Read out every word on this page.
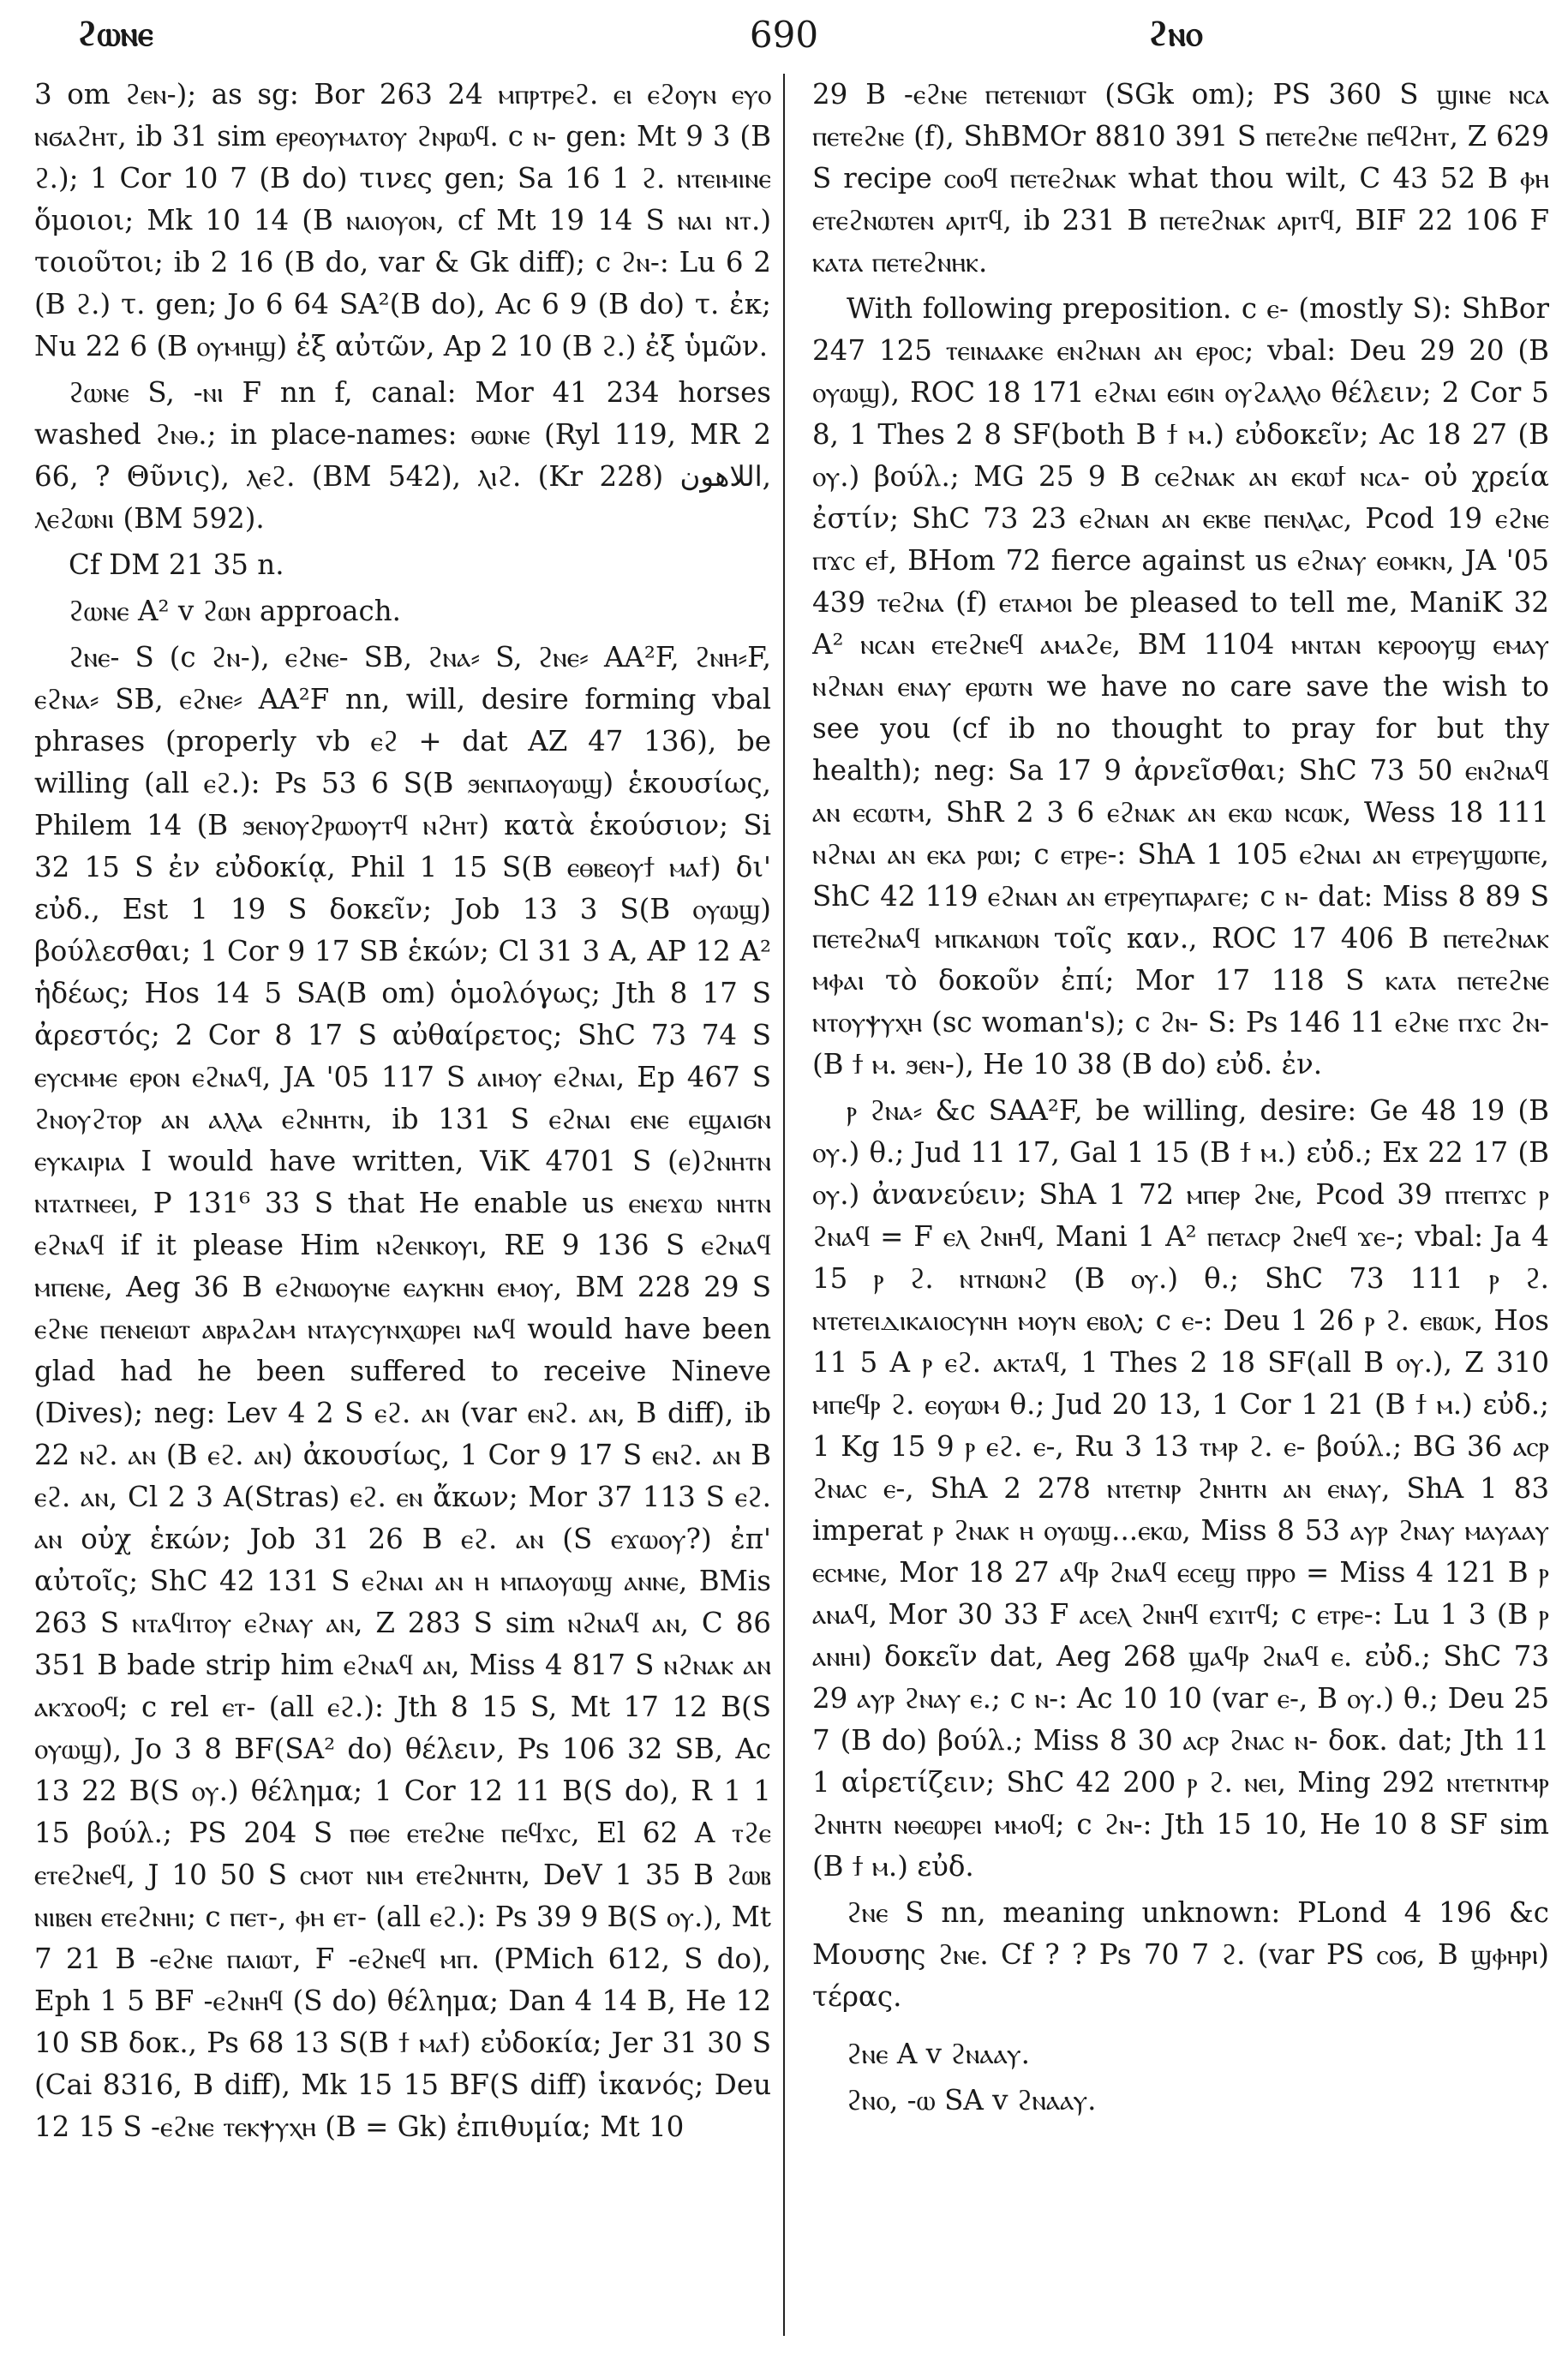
ϩⲱⲛⲉ	690	ϩⲛⲟ

3 om ϩⲉⲛ-); as sg: Bor 263 24 ⲙⲡⲣⲧⲣⲉϩ. ⲉⲓ ⲉϩⲟⲩⲛ ⲉⲩⲟ ⲛϭⲁϩⲏⲧ, ib 31 sim ⲉⲣⲉⲟⲩⲙⲁⲧⲟⲩ ϩⲛⲣⲱϥ. c ⲛ- gen: Mt 9 3 (B ϩ.); 1 Cor 10 7 (B do) τινες gen; Sa 16 1 ϩ. ⲛⲧⲉⲓⲙⲓⲛⲉ ὅμοιοι; Mk 10 14 (B ⲛⲁⲓⲟⲩⲟⲛ, cf Mt 19 14 S ⲛⲁⲓ ⲛⲧ.) τοιοῦτοι; ib 2 16 (B do, var & Gk diff); c ϩⲛ-: Lu 6 2 (B ϩ.) τ. gen; Jo 6 64 SA²(B do), Ac 6 9 (B do) τ. ἐκ; Nu 22 6 (B ⲟⲩⲙⲏϣ) ἐξ αὐτῶν, Ap 2 10 (B ϩ.) ἐξ ὑμῶν.

ϩⲱⲛⲉ S, -ⲛⲓ F nn f, canal: Mor 41 234 horses washed ϩⲛⲑ.; in place-names: ⲑⲱⲛⲉ (Ryl 119, MR 2 66, ? Θῦνις), ⲗⲉϩ. (BM 542), ⲗⲓϩ. (Kr 228) اللاهون, ⲗⲉϩⲱⲛⲓ (BM 592).

Cf DM 21 35 n.

ϩⲱⲛⲉ A² v ϩⲱⲛ approach.

ϩⲛⲉ- S (c ϩⲛ-), ⲉϩⲛⲉ- SB, ϩⲛⲁ⸗ S, ϩⲛⲉ⸗ AA²F, ϩⲛⲏ⸗F, ⲉϩⲛⲁ⸗ SB, ⲉϩⲛⲉ⸗ AA²F nn, will, desire forming vbal phrases (properly vb ⲉϩ + dat AZ 47 136), be willing (all ⲉϩ.): Ps 53 6 S(B ϧⲉⲛⲡⲁⲟⲩⲱϣ) ἑκουσίως, Philem 14 (B ϧⲉⲛⲟⲩϩⲣⲱⲟⲩⲧϥ ⲛϩⲏⲧ) κατὰ ἑκούσιον; Si 32 15 S ἐν εὐδοκίᾳ, Phil 1 15 S(B ⲉⲑⲃⲉⲟⲩϯ ⲙⲁϯ) δι' εὐδ., Est 1 19 S δοκεῖν; Job 13 3 S(B ⲟⲩⲱϣ) βούλεσθαι; 1 Cor 9 17 SB ἑκών; Cl 31 3 A, AP 12 A² ἡδέως; Hos 14 5 SA(B om) ὁμολόγως; Jth 8 17 S ἀρεστός; 2 Cor 8 17 S αὐθαίρετος; ShC 73 74 S ⲉⲩⲥⲙⲙⲉ ⲉⲣⲟⲛ ⲉϩⲛⲁϥ, JA '05 117 S ⲁⲓⲙⲟⲩ ⲉϩⲛⲁⲓ, Ep 467 S ϩⲛⲟⲩϩⲧⲟⲣ ⲁⲛ ⲁⲗⲗⲁ ⲉϩⲛⲏⲧⲛ, ib 131 S ⲉϩⲛⲁⲓ ⲉⲛⲉ ⲉϣⲁⲓϭⲛ ⲉⲩⲕⲁⲓⲣⲓⲁ I would have written, ViK 4701 S (ⲉ)ϩⲛⲏⲧⲛ ⲛⲧⲁⲧⲛⲉⲉⲓ, P 131⁶ 33 S that He enable us ⲉⲛⲉϫⲱ ⲛⲏⲧⲛ ⲉϩⲛⲁϥ if it please Him ⲛϩⲉⲛⲕⲟⲩⲓ, RE 9 136 S ⲉϩⲛⲁϥ ⲙⲡⲉⲛⲉ, Aeg 36 B ⲉϩⲛⲱⲟⲩⲛⲉ ⲉⲁⲩⲕⲏⲛ ⲉⲙⲟⲩ, BM 228 29 S ⲉϩⲛⲉ ⲡⲉⲛⲉⲓⲱⲧ ⲁⲃⲣⲁϩⲁⲙ ⲛⲧⲁⲩⲥⲩⲛⲭⲱⲣⲉⲓ ⲛⲁϥ would have been glad had he been suffered to receive Nineve (Dives); neg: Lev 4 2 S ⲉϩ. ⲁⲛ (var ⲉⲛϩ. ⲁⲛ, B diff), ib 22 ⲛϩ. ⲁⲛ (B ⲉϩ. ⲁⲛ) ἀκουσίως, 1 Cor 9 17 S ⲉⲛϩ. ⲁⲛ B ⲉϩ. ⲁⲛ, Cl 2 3 A(Stras) ⲉϩ. ⲉⲛ ἄκων; Mor 37 113 S ⲉϩ. ⲁⲛ οὐχ ἑκών; Job 31 26 B ⲉϩ. ⲁⲛ (S ⲉϫⲱⲟⲩ?) ἐπ' αὐτοῖς; ShC 42 131 S ⲉϩⲛⲁⲓ ⲁⲛ ⲏ ⲙⲡⲁⲟⲩⲱϣ ⲁⲛⲛⲉ, BMis 263 S ⲛⲧⲁϥⲓⲧⲟⲩ ⲉϩⲛⲁⲩ ⲁⲛ, Z 283 S sim ⲛϩⲛⲁϥ ⲁⲛ, C 86 351 B bade strip him ⲉϩⲛⲁϥ ⲁⲛ, Miss 4 817 S ⲛϩⲛⲁⲕ ⲁⲛ ⲁⲕϫⲟⲟϥ; c rel ⲉⲧ- (all ⲉϩ.): Jth 8 15 S, Mt 17 12 B(S ⲟⲩⲱϣ), Jo 3 8 BF(SA² do) θέλειν, Ps 106 32 SB, Ac 13 22 B(S ⲟⲩ.) θέλημα; 1 Cor 12 11 B(S do), R 1 1 15 βούλ.; PS 204 S ⲡⲑⲉ ⲉⲧⲉϩⲛⲉ ⲡⲉϥϫⲥ, El 62 A ⲧϩⲉ ⲉⲧⲉϩⲛⲉϥ, J 10 50 S ⲥⲙⲟⲧ ⲛⲓⲙ ⲉⲧⲉϩⲛⲏⲧⲛ, DeV 1 35 B ϩⲱⲃ ⲛⲓⲃⲉⲛ ⲉⲧⲉϩⲛⲏⲓ; c ⲡⲉⲧ-, ⲫⲏ ⲉⲧ- (all ⲉϩ.): Ps 39 9 B(S ⲟⲩ.), Mt 7 21 B -ⲉϩⲛⲉ ⲡⲁⲓⲱⲧ, F -ⲉϩⲛⲉϥ ⲙⲡ. (PMich 612, S do), Eph 1 5 BF -ⲉϩⲛⲏϥ (S do) θέλημα; Dan 4 14 B, He 12 10 SB δοκ., Ps 68 13 S(B ϯ ⲙⲁϯ) εὐδοκία; Jer 31 30 S (Cai 8316, B diff), Mk 15 15 BF(S diff) ἱκανός; Deu 12 15 S -ⲉϩⲛⲉ ⲧⲉⲕⲯⲩⲭⲏ (B = Gk) ἐπιθυμία; Mt 10

29 B -ⲉϩⲛⲉ ⲡⲉⲧⲉⲛⲓⲱⲧ (SGk om); PS 360 S ϣⲓⲛⲉ ⲛⲥⲁ ⲡⲉⲧⲉϩⲛⲉ (f), ShBMOr 8810 391 S ⲡⲉⲧⲉϩⲛⲉ ⲡⲉϥϩⲏⲧ, Z 629 S recipe ⲥⲟⲟϥ ⲡⲉⲧⲉϩⲛⲁⲕ what thou wilt, C 43 52 B ⲫⲏ ⲉⲧⲉϩⲛⲱⲧⲉⲛ ⲁⲣⲓⲧϥ, ib 231 B ⲡⲉⲧⲉϩⲛⲁⲕ ⲁⲣⲓⲧϥ, BIF 22 106 F ⲕⲁⲧⲁ ⲡⲉⲧⲉϩⲛⲏⲕ.

With following preposition. c ⲉ- (mostly S): ShBor 247 125 ⲧⲉⲓⲛⲁⲁⲕⲉ ⲉⲛϩⲛⲁⲛ ⲁⲛ ⲉⲣⲟⲥ; vbal: Deu 29 20 (B ⲟⲩⲱϣ), ROC 18 171 ⲉϩⲛⲁⲓ ⲉϭⲓⲛ ⲟⲩϩⲁⲗⲗⲟ θέλειν; 2 Cor 5 8, 1 Thes 2 8 SF(both B ϯ ⲙ.) εὐδοκεῖν; Ac 18 27 (B ⲟⲩ.) βούλ.; MG 25 9 B ⲥⲉϩⲛⲁⲕ ⲁⲛ ⲉⲕⲱϯ ⲛⲥⲁ- οὐ χρεία ἐστίν; ShC 73 23 ⲉϩⲛⲁⲛ ⲁⲛ ⲉⲕⲃⲉ ⲡⲉⲛⲗⲁⲥ, Pcod 19 ⲉϩⲛⲉ ⲡϫⲥ ⲉϯ, BHom 72 fierce against us ⲉϩⲛⲁⲩ ⲉⲟⲙⲕⲛ, JA '05 439 ⲧⲉϩⲛⲁ (f) ⲉⲧⲁⲙⲟⲓ be pleased to tell me, ManiK 32 A² ⲛⲥⲁⲛ ⲉⲧⲉϩⲛⲉϥ ⲁⲙⲁϩⲉ, BM 1104 ⲙⲛⲧⲁⲛ ⲕⲉⲣⲟⲟⲩϣ ⲉⲙⲁⲩ ⲛϩⲛⲁⲛ ⲉⲛⲁⲩ ⲉⲣⲱⲧⲛ we have no care save the wish to see you (cf ib no thought to pray for but thy health); neg: Sa 17 9 ἀρνεῖσθαι; ShC 73 50 ⲉⲛϩⲛⲁϥ ⲁⲛ ⲉⲥⲱⲧⲙ, ShR 2 3 6 ⲉϩⲛⲁⲕ ⲁⲛ ⲉⲕⲱ ⲛⲥⲱⲕ, Wess 18 111 ⲛϩⲛⲁⲓ ⲁⲛ ⲉⲕⲁ ⲣⲱⲓ; c ⲉⲧⲣⲉ-: ShA 1 105 ⲉϩⲛⲁⲓ ⲁⲛ ⲉⲧⲣⲉⲩϣⲱⲡⲉ, ShC 42 119 ⲉϩⲛⲁⲛ ⲁⲛ ⲉⲧⲣⲉⲩⲡⲁⲣⲁⲅⲉ; c ⲛ- dat: Miss 8 89 S ⲡⲉⲧⲉϩⲛⲁϥ ⲙⲡⲕⲁⲛⲱⲛ τοῖς καν., ROC 17 406 B ⲡⲉⲧⲉϩⲛⲁⲕ ⲙⲫⲁⲓ τὸ δοκοῦν ἐπί; Mor 17 118 S ⲕⲁⲧⲁ ⲡⲉⲧⲉϩⲛⲉ ⲛⲧⲟⲩⲯⲩⲭⲏ (sc woman's); c ϩⲛ- S: Ps 146 11 ⲉϩⲛⲉ ⲡϫⲥ ϩⲛ- (B ϯ ⲙ. ϧⲉⲛ-), He 10 38 (B do) εὐδ. ἐν.

ⲣ ϩⲛⲁ⸗ &c SAA²F, be willing, desire: Ge 48 19 (B ⲟⲩ.) θ.; Jud 11 17, Gal 1 15 (B ϯ ⲙ.) εὐδ.; Ex 22 17 (B ⲟⲩ.) ἀνανεύειν; ShA 1 72 ⲙⲡⲉⲣ ϩⲛⲉ, Pcod 39 ⲡⲧⲉⲡϫⲥ ⲣ ϩⲛⲁϥ = F ⲉⲗ ϩⲛⲏϥ, Mani 1 A² ⲡⲉⲧⲁⲥⲣ ϩⲛⲉϥ ϫⲉ-; vbal: Ja 4 15 ⲣ ϩ. ⲛⲧⲛⲱⲛϩ (B ⲟⲩ.) θ.; ShC 73 111 ⲣ ϩ. ⲛⲧⲉⲧⲉⲓⲇⲓⲕⲁⲓⲟⲥⲩⲛⲏ ⲙⲟⲩⲛ ⲉⲃⲟⲗ; c ⲉ-: Deu 1 26 ⲣ ϩ. ⲉⲃⲱⲕ, Hos 11 5 A ⲣ ⲉϩ. ⲁⲕⲧⲁϥ, 1 Thes 2 18 SF(all B ⲟⲩ.), Z 310 ⲙⲡⲉϥⲣ ϩ. ⲉⲟⲩⲱⲙ θ.; Jud 20 13, 1 Cor 1 21 (B ϯ ⲙ.) εὐδ.; 1 Kg 15 9 ⲣ ⲉϩ. ⲉ-, Ru 3 13 ⲧⲙⲣ ϩ. ⲉ- βούλ.; BG 36 ⲁⲥⲣ ϩⲛⲁⲥ ⲉ-, ShA 2 278 ⲛⲧⲉⲧⲛⲣ ϩⲛⲏⲧⲛ ⲁⲛ ⲉⲛⲁⲩ, ShA 1 83 imperat ⲣ ϩⲛⲁⲕ ⲏ ⲟⲩⲱϣ...ⲉⲕⲱ, Miss 8 53 ⲁⲩⲣ ϩⲛⲁⲩ ⲙⲁⲩⲁⲁⲩ ⲉⲥⲙⲛⲉ, Mor 18 27 ⲁϥⲣ ϩⲛⲁϥ ⲉⲥⲉϣ ⲡⲣⲣⲟ = Miss 4 121 B ⲣ ⲁⲛⲁϥ, Mor 30 33 F ⲁⲥⲉⲗ ϩⲛⲏϥ ⲉϫⲓⲧϥ; c ⲉⲧⲣⲉ-: Lu 1 3 (B ⲣ ⲁⲛⲏⲓ) δοκεῖν dat, Aeg 268 ϣⲁϥⲣ ϩⲛⲁϥ ⲉ. εὐδ.; ShC 73 29 ⲁⲩⲣ ϩⲛⲁⲩ ⲉ.; c ⲛ-: Ac 10 10 (var ⲉ-, B ⲟⲩ.) θ.; Deu 25 7 (B do) βούλ.; Miss 8 30 ⲁⲥⲣ ϩⲛⲁⲥ ⲛ- δοκ. dat; Jth 11 1 αἱρετίζειν; ShC 42 200 ⲣ ϩ. ⲛⲉⲓ, Ming 292 ⲛⲧⲉⲧⲛⲧⲙⲣ ϩⲛⲏⲧⲛ ⲛⲑⲉⲱⲣⲉⲓ ⲙⲙⲟϥ; c ϩⲛ-: Jth 15 10, He 10 8 SF sim (B ϯ ⲙ.) εὐδ.

ϩⲛⲉ S nn, meaning unknown: PLond 4 196 &c Μουσης ϩⲛⲉ. Cf ? ? Ps 70 7 ϩ. (var PS ⲥⲟϭ, B ϣⲫⲏⲣⲓ) τέρας.

ϩⲛⲉ A v ϩⲛⲁⲁⲩ.

ϩⲛⲟ, -ⲱ SA v ϩⲛⲁⲁⲩ.
